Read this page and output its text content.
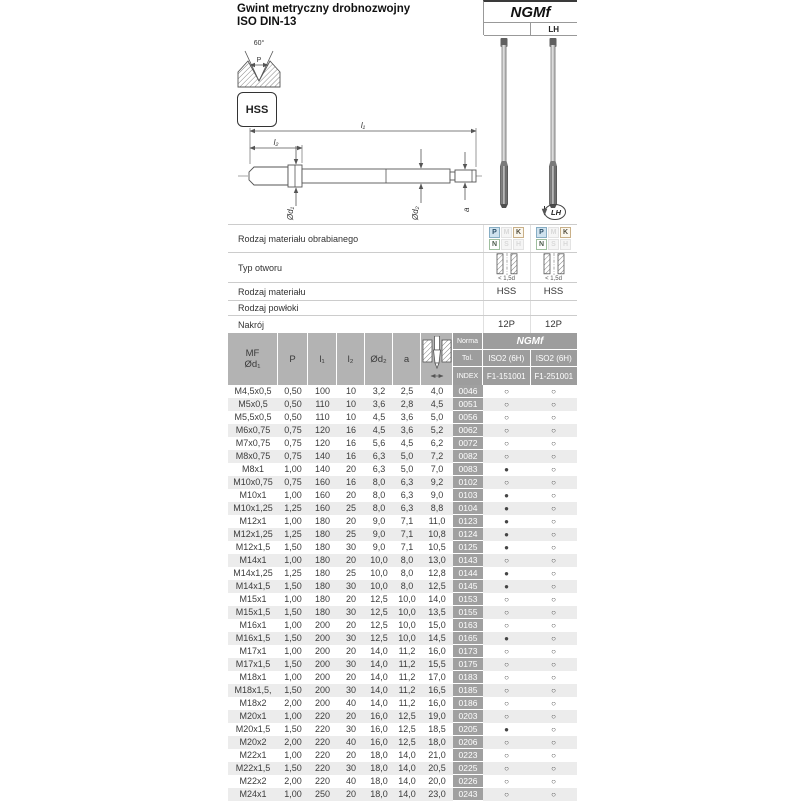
Gwint metryczny drobnozwojny
ISO DIN-13
NGMf
LH
60°
P
HSS
l₁
l₂
Ød₁	Ød₂	a	LH
Rodzaj materiału obrabianego
P M K
N	S	H
P M K
N	S	H
Typ otworu
< 1,5d	< 1,5d
Rodzaj materiału	HSS	HSS
Rodzaj powłoki
Nakrój	12P	12P
MF
Ød₁	P	l₁	l₂	Ød₂	a
Norma	NGMf
Tol.	ISO2 (6H)	ISO2 (6H)
INDEX	F1-151001	F1-251001
M4,5x0,5	0,50	100	10	3,2	2,5	4,0	0046	○	○
M5x0,5	0,50	110	10	3,6	2,8	4,5	0051	○	○
M5,5x0,5	0,50	110	10	4,5	3,6	5,0	0056	○	○
M6x0,75	0,75	120	16	4,5	3,6	5,2	0062	○	○
M7x0,75	0,75	120	16	5,6	4,5	6,2	0072	○	○
M8x0,75	0,75	140	16	6,3	5,0	7,2	0082	○	○
M8x1	1,00	140	20	6,3	5,0	7,0	0083	●	○
M10x0,75	0,75	160	16	8,0	6,3	9,2	0102	○	○
M10x1	1,00	160	20	8,0	6,3	9,0	0103	●	○
M10x1,25	1,25	160	25	8,0	6,3	8,8	0104	●	○
M12x1	1,00	180	20	9,0	7,1	11,0	0123	●	○
M12x1,25	1,25	180	25	9,0	7,1	10,8	0124	●	○
M12x1,5	1,50	180	30	9,0	7,1	10,5	0125	●	○
M14x1	1,00	180	20	10,0	8,0	13,0	0143	○	○
M14x1,25	1,25	180	25	10,0	8,0	12,8	0144	●	○
M14x1,5	1,50	180	30	10,0	8,0	12,5	0145	●	○
M15x1	1,00	180	20	12,5	10,0	14,0	0153	○	○
M15x1,5	1,50	180	30	12,5	10,0	13,5	0155	○	○
M16x1	1,00	200	20	12,5	10,0	15,0	0163	○	○
M16x1,5	1,50	200	30	12,5	10,0	14,5	0165	●	○
M17x1	1,00	200	20	14,0	11,2	16,0	0173	○	○
M17x1,5	1,50	200	30	14,0	11,2	15,5	0175	○	○
M18x1	1,00	200	20	14,0	11,2	17,0	0183	○	○
M18x1,5,	1,50	200	30	14,0	11,2	16,5	0185	○	○
M18x2	2,00	200	40	14,0	11,2	16,0	0186	○	○
M20x1	1,00	220	20	16,0	12,5	19,0	0203	○	○
M20x1,5	1,50	220	30	16,0	12,5	18,5	0205	●	○
M20x2	2,00	220	40	16,0	12,5	18,0	0206	○	○
M22x1	1,00	220	20	18,0	14,0	21,0	0223	○	○
M22x1,5	1,50	220	30	18,0	14,0	20,5	0225	○	○
M22x2	2,00	220	40	18,0	14,0	20,0	0226	○	○
M24x1	1,00	250	20	18,0	14,0	23,0	0243	○	○
